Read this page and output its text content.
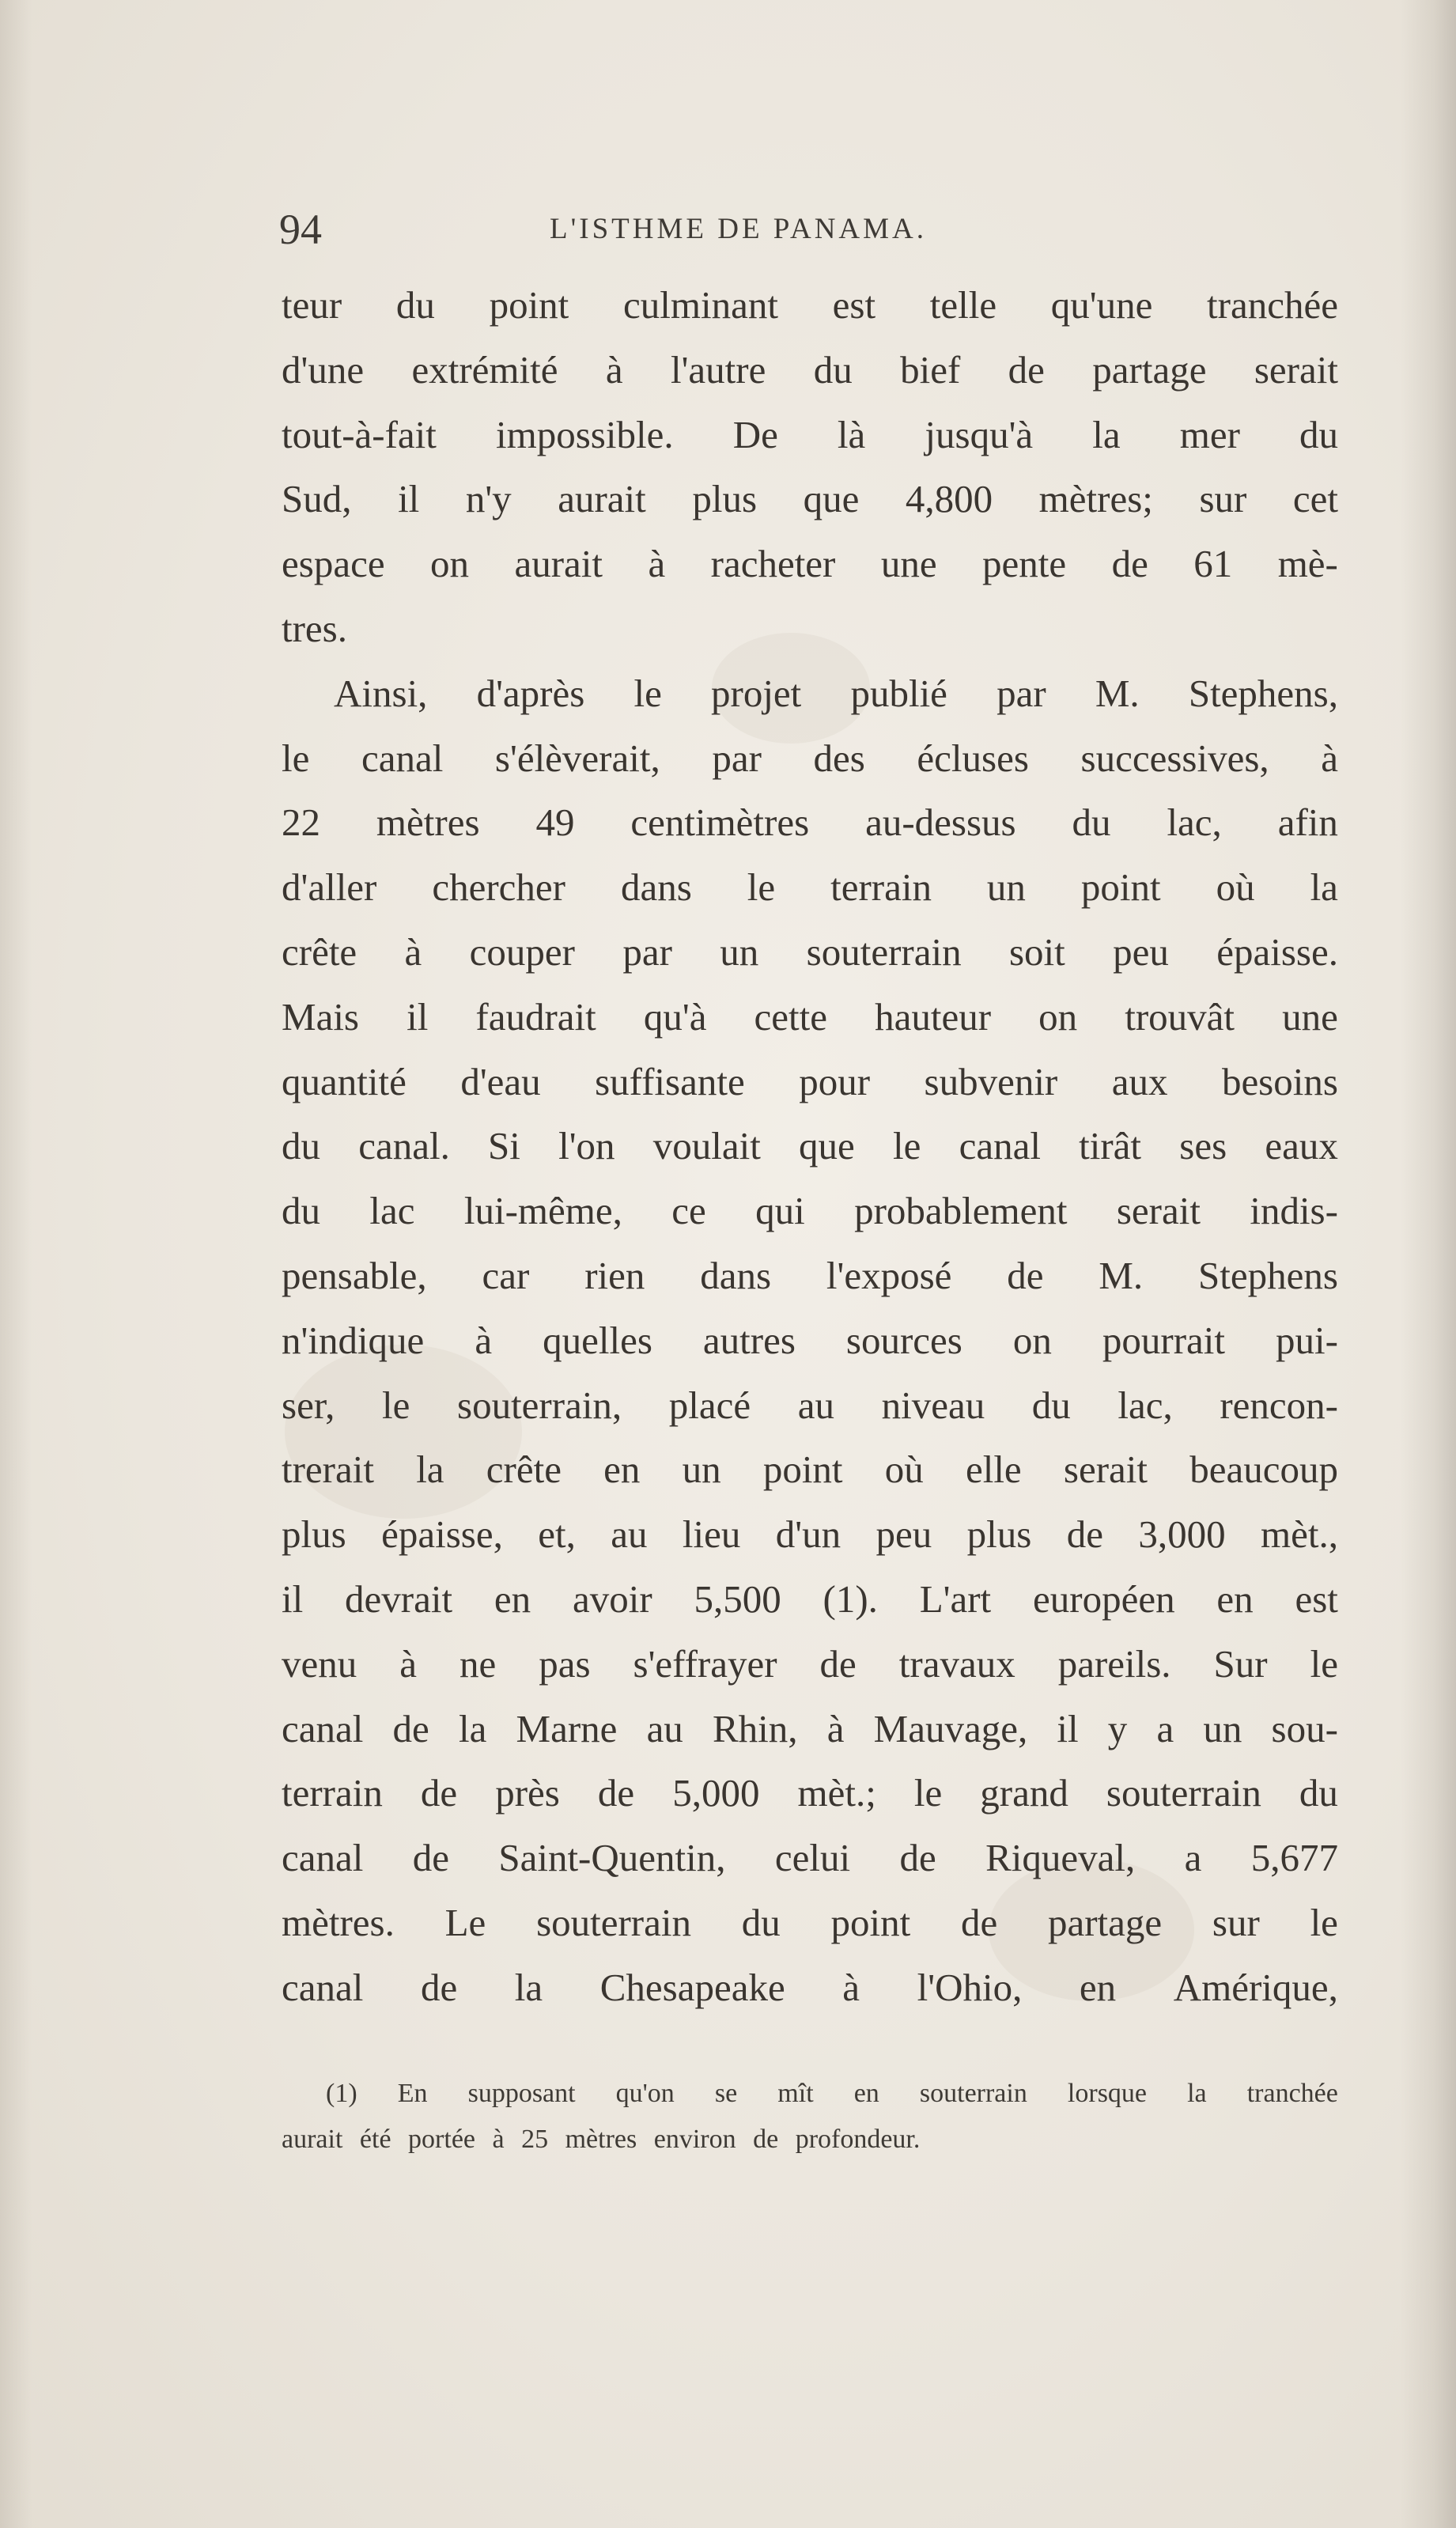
94	L'ISTHME DE PANAMA.
teur du point culminant est telle qu'une tranchée
d'une extrémité à l'autre du bief de partage serait
tout-à-fait impossible. De là jusqu'à la mer du
Sud, il n'y aurait plus que 4,800 mètres; sur cet
espace on aurait à racheter une pente de 61 mè-
tres.
Ainsi, d'après le projet publié par M. Stephens,
le canal s'élèverait, par des écluses successives, à
22 mètres 49 centimètres au-dessus du lac, afin
d'aller chercher dans le terrain un point où la
crête à couper par un souterrain soit peu épaisse.
Mais il faudrait qu'à cette hauteur on trouvât une
quantité d'eau suffisante pour subvenir aux besoins
du canal. Si l'on voulait que le canal tirât ses eaux
du lac lui-même, ce qui probablement serait indis-
pensable, car rien dans l'exposé de M. Stephens
n'indique à quelles autres sources on pourrait pui-
ser, le souterrain, placé au niveau du lac, rencon-
trerait la crête en un point où elle serait beaucoup
plus épaisse, et, au lieu d'un peu plus de 3,000 mèt.,
il devrait en avoir 5,500 (1). L'art européen en est
venu à ne pas s'effrayer de travaux pareils. Sur le
canal de la Marne au Rhin, à Mauvage, il y a un sou-
terrain de près de 5,000 mèt.; le grand souterrain du
canal de Saint-Quentin, celui de Riqueval, a 5,677
mètres. Le souterrain du point de partage sur le
canal de la Chesapeake à l'Ohio, en Amérique,
(1) En supposant qu'on se mît en souterrain lorsque la tranchée
aurait
été
portée
à
25
mètres
environ
de
profondeur.
